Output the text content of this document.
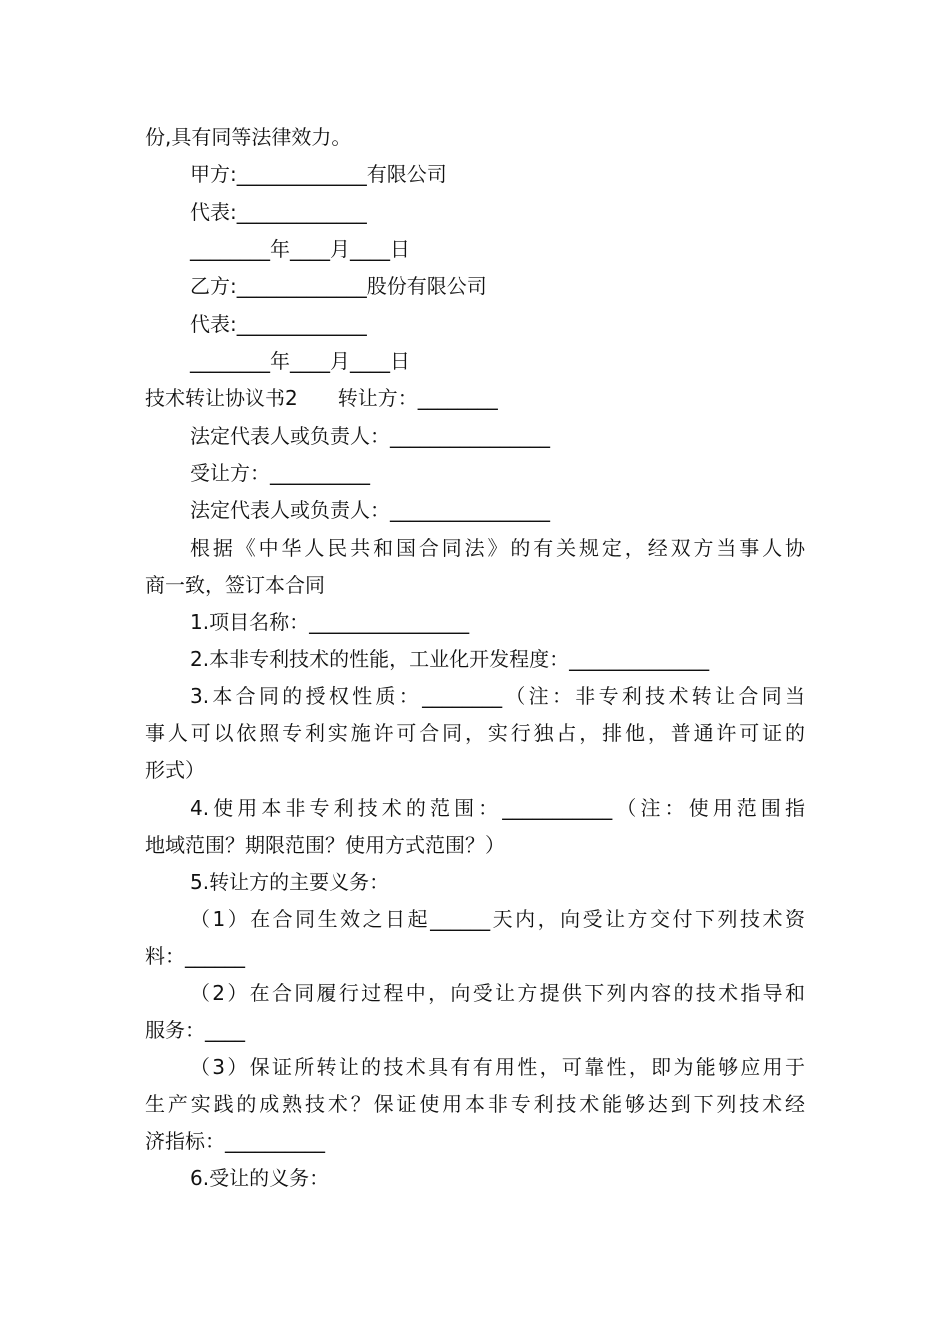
份,具有同等法律效力。
甲方:_____________有限公司
代表:_____________
________年____月____日
乙方:_____________股份有限公司
代表:_____________
________年____月____日
技术转让协议书2　　转让方：________
法定代表人或负责人：________________
受让方：__________
法定代表人或负责人：________________
根据《中华人民共和国合同法》的有关规定，经双方当事人协
商一致，签订本合同
1.项目名称：________________
2.本非专利技术的性能，工业化开发程度：______________
3.本合同的授权性质：________（注：非专利技术转让合同当
事人可以依照专利实施许可合同，实行独占，排他，普通许可证的
形式）
4.使用本非专利技术的范围：___________（注：使用范围指
地域范围？期限范围？使用方式范围？）
5.转让方的主要义务：
（1）在合同生效之日起______天内，向受让方交付下列技术资
料：______
（2）在合同履行过程中，向受让方提供下列内容的技术指导和
服务：____
（3）保证所转让的技术具有有用性，可靠性，即为能够应用于
生产实践的成熟技术？保证使用本非专利技术能够达到下列技术经
济指标：__________
6.受让的义务：
